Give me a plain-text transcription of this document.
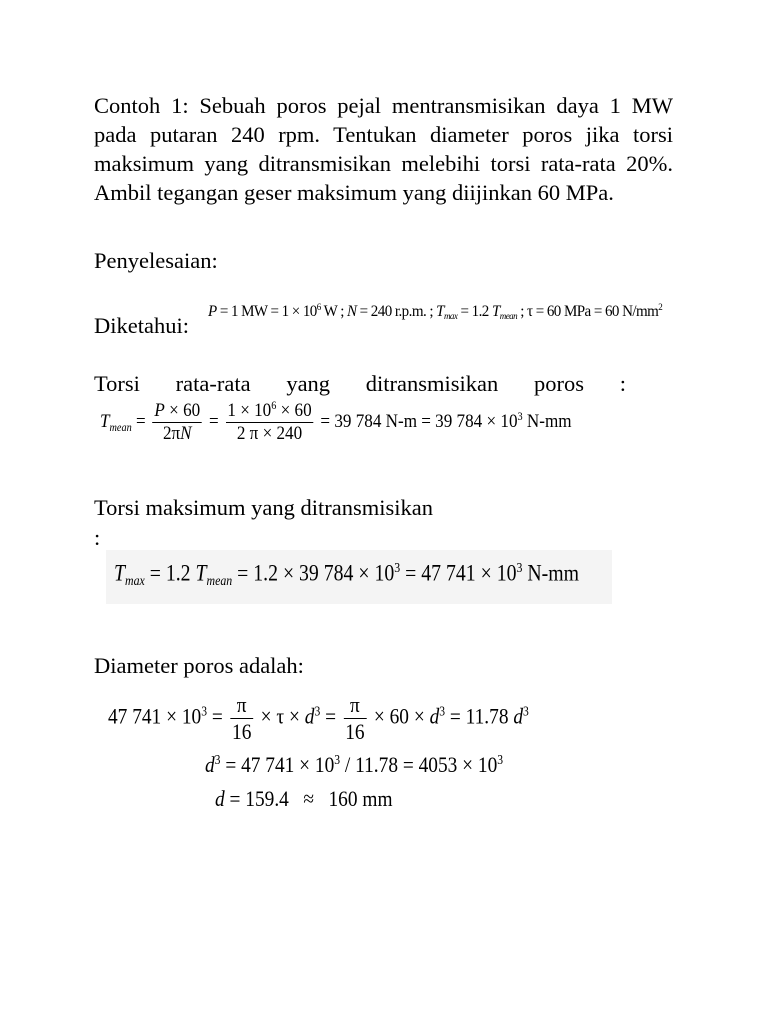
Contoh 1: Sebuah poros pejal mentransmisikan daya 1 MW pada putaran 240 rpm. Tentukan diameter poros jika torsi maksimum yang ditransmisikan melebihi torsi rata-rata 20%. Ambil tegangan geser maksimum yang diijinkan 60 MPa.

Penyelesaian:
Diketahui:
P = 1 MW = $1 \times 10^6$ W ; N = 240 r.p.m. ; $T_{max} = 1.2$ $T_{mean}$ ; τ = 60 MPa = 60 $N/mm^2$
Torsi rata-rata yang ditransmisikan poros :
$T_{mean} = \frac{P \times 60}{2\pi N} = \frac{1 \times 10^6 \times 60}{2 \pi \times 240} = 39$ 784 N-m = 39 $784 \times 10^3$ N-mm
Torsi maksimum yang ditransmisikan
:
$T_{max} = 1.2$ $T_{mean} = 1.2 \times 39$ $784 \times 10^3 = 47$ $741 \times 10^3$ N-mm
Diameter poros adalah:
47 $741 \times 10^3 = \frac{\pi}{16} \times \tau \times d^3 = \frac{\pi}{16} \times 60 \times d^3 = 11.78$ $d^3$
$d^3 = 47$ $741 \times 10^3 / 11.78 = 4053 \times 10^3$
d = 159.4   ≈   160 mm
